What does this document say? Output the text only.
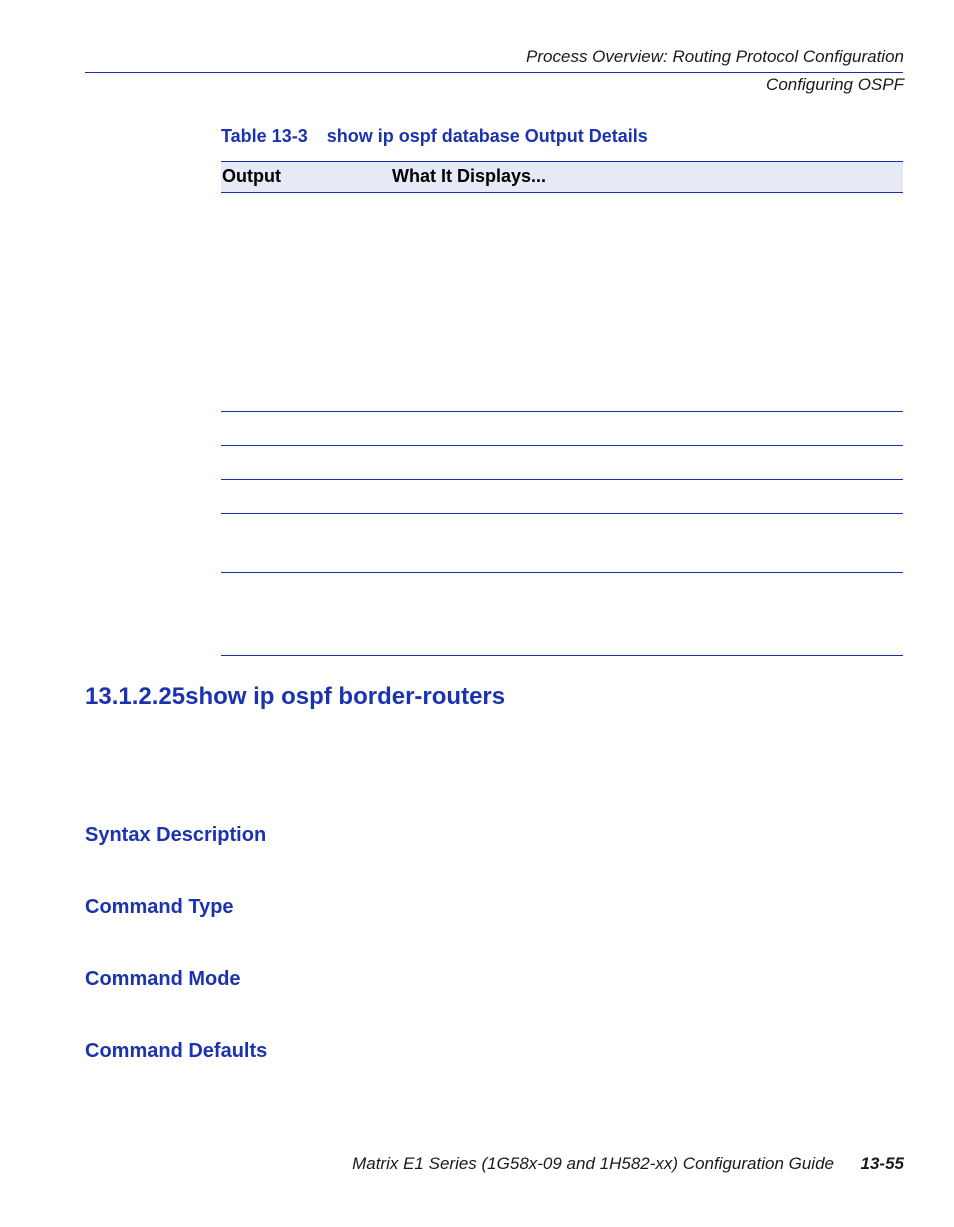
Process Overview: Routing Protocol Configuration
Configuring OSPF
Table 13-3 show ip ospf database Output Details
Output	What It Displays...
13.1.2.25show ip ospf border-routers
Syntax Description
Command Type
Command Mode
Command Defaults
Matrix E1 Series (1G58x-09 and 1H582-xx) Configuration Guide 13-55
